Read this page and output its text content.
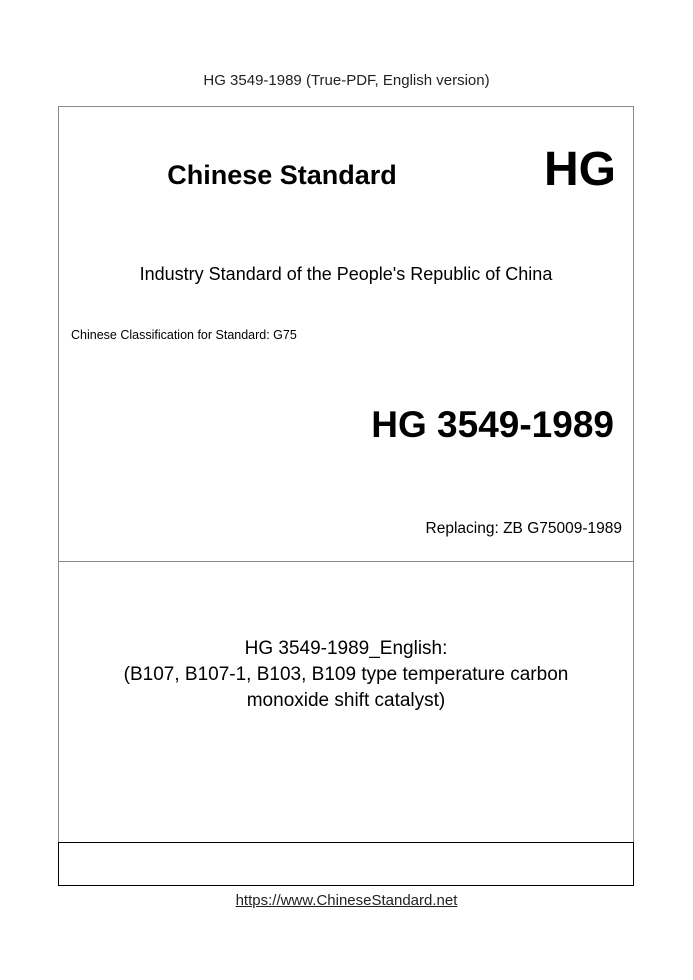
HG 3549-1989 (True-PDF, English version)
Chinese Standard	HG
Industry Standard of the People's Republic of China
Chinese Classification for Standard: G75
HG 3549-1989
Replacing: ZB G75009-1989
HG 3549-1989_English:
(B107, B107-1, B103, B109 type temperature carbon
monoxide shift catalyst)
https://www.ChineseStandard.net
